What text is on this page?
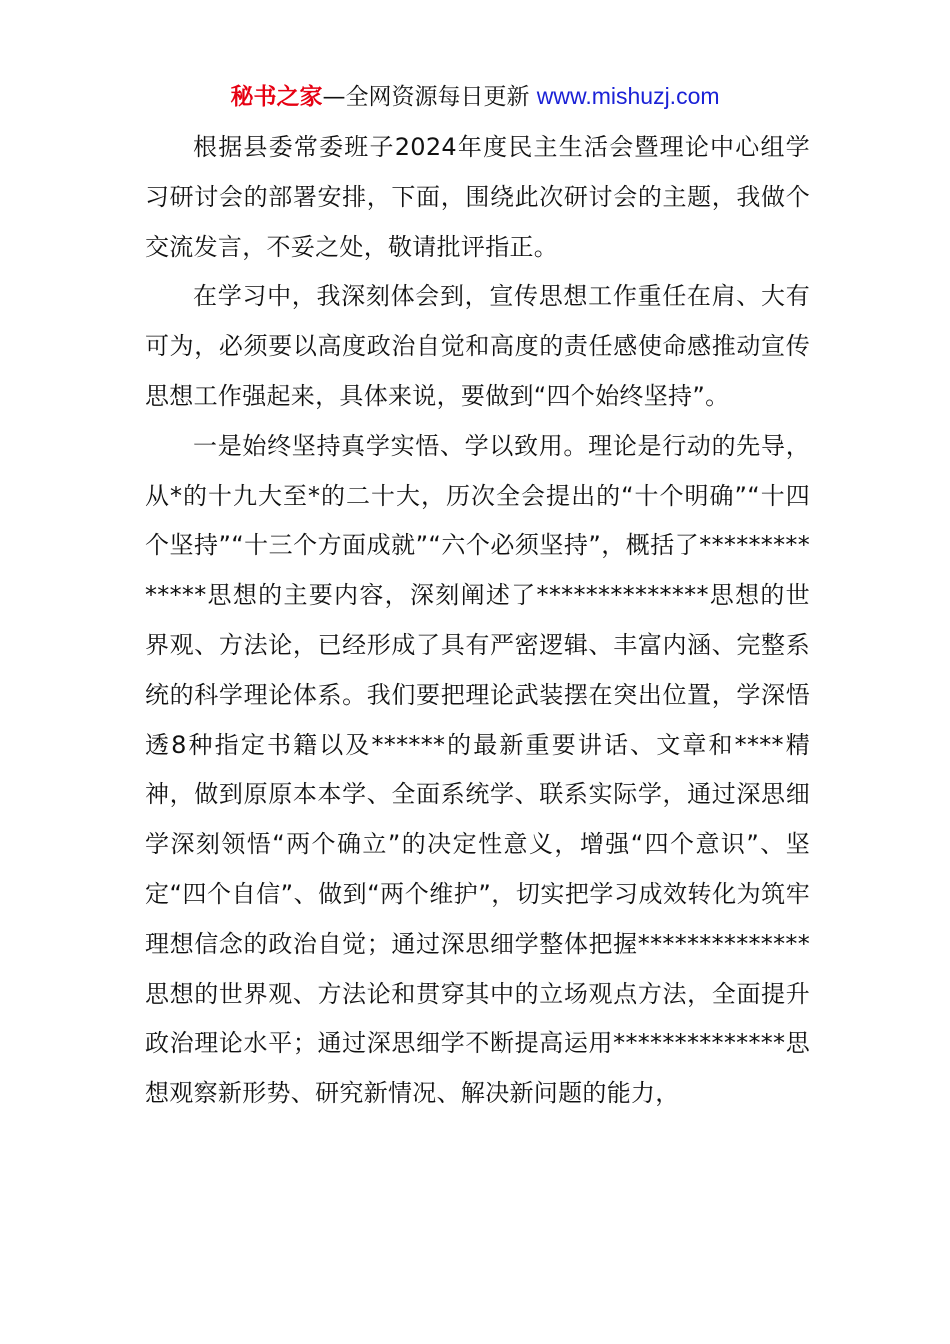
秘书之家—全网资源每日更新 www.mishuzj.com

根据县委常委班子2024年度民主生活会暨理论中心组学习研讨会的部署安排，下面，围绕此次研讨会的主题，我做个交流发言，不妥之处，敬请批评指正。

在学习中，我深刻体会到，宣传思想工作重任在肩、大有可为，必须要以高度政治自觉和高度的责任感使命感推动宣传思想工作强起来，具体来说，要做到“四个始终坚持”。

一是始终坚持真学实悟、学以致用。理论是行动的先导，从*的十九大至*的二十大，历次全会提出的“十个明确”“十四个坚持”“十三个方面成就”“六个必须坚持”，概括了**************思想的主要内容，深刻阐述了**************思想的世界观、方法论，已经形成了具有严密逻辑、丰富内涵、完整系统的科学理论体系。我们要把理论武装摆在突出位置，学深悟透8种指定书籍以及******的最新重要讲话、文章和****精神，做到原原本本学、全面系统学、联系实际学，通过深思细学深刻领悟“两个确立”的决定性意义，增强“四个意识”、坚定“四个自信”、做到“两个维护”，切实把学习成效转化为筑牢理想信念的政治自觉；通过深思细学整体把握**************思想的世界观、方法论和贯穿其中的立场观点方法，全面提升政治理论水平；通过深思细学不断提高运用**************思想观察新形势、研究新情况、解决新问题的能力，
